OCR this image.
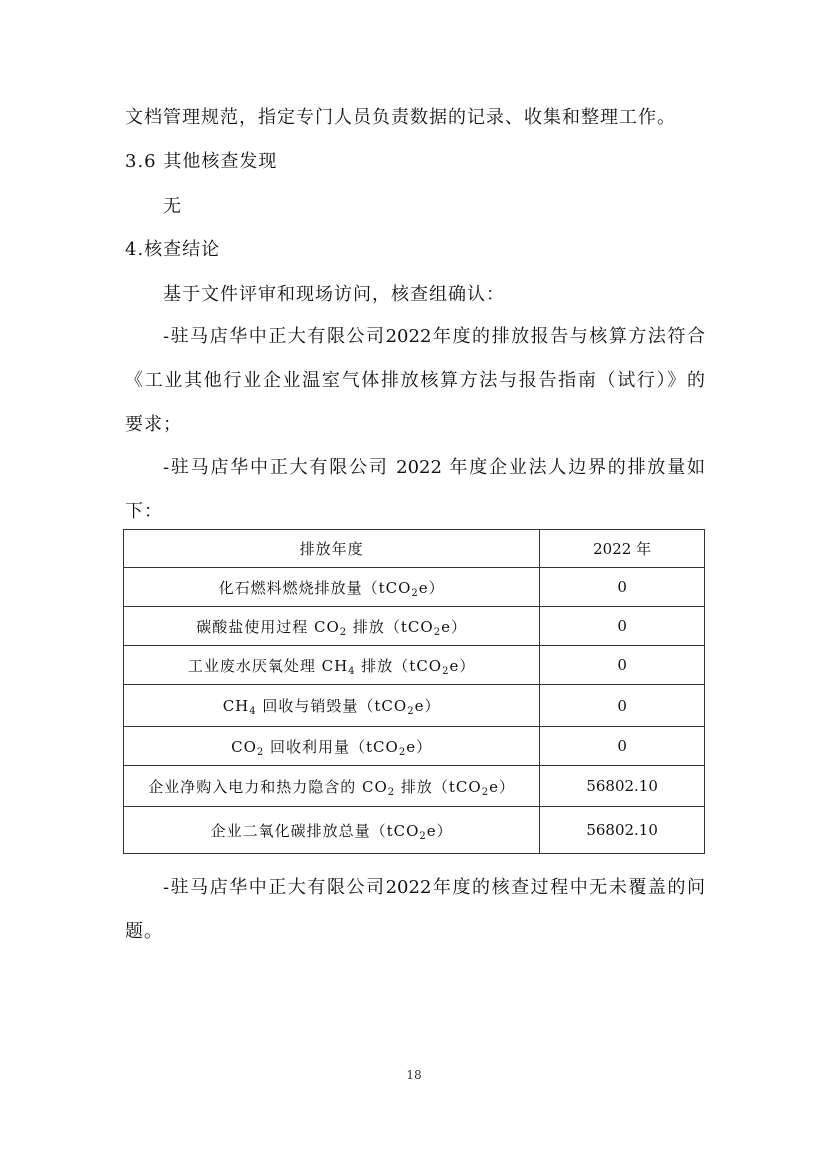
文档管理规范，指定专门人员负责数据的记录、收集和整理工作。
3.6 其他核查发现
无
4.核查结论
基于文件评审和现场访问，核查组确认：
-驻马店华中正大有限公司2022年度的排放报告与核算方法符合
《工业其他行业企业温室气体排放核算方法与报告指南（试行）》的
要求；
-驻马店华中正大有限公司 2022 年度企业法人边界的排放量如
下：
排放年度	2022 年
化石燃料燃烧排放量（tCO$_2$e）	0
碳酸盐使用过程 $CO_2$ 排放（tCO$_2$e）	0
工业废水厌氧处理 $CH_4$ 排放（tCO$_2$e）	0
$CH_4$ 回收与销毁量（tCO$_2$e）	0
$CO_2$ 回收利用量（tCO$_2$e）	0
企业净购入电力和热力隐含的 $CO_2$ 排放（tCO$_2$e）	56802.10
企业二氧化碳排放总量（tCO$_2$e）	56802.10
-驻马店华中正大有限公司2022年度的核查过程中无未覆盖的问
题。
18
